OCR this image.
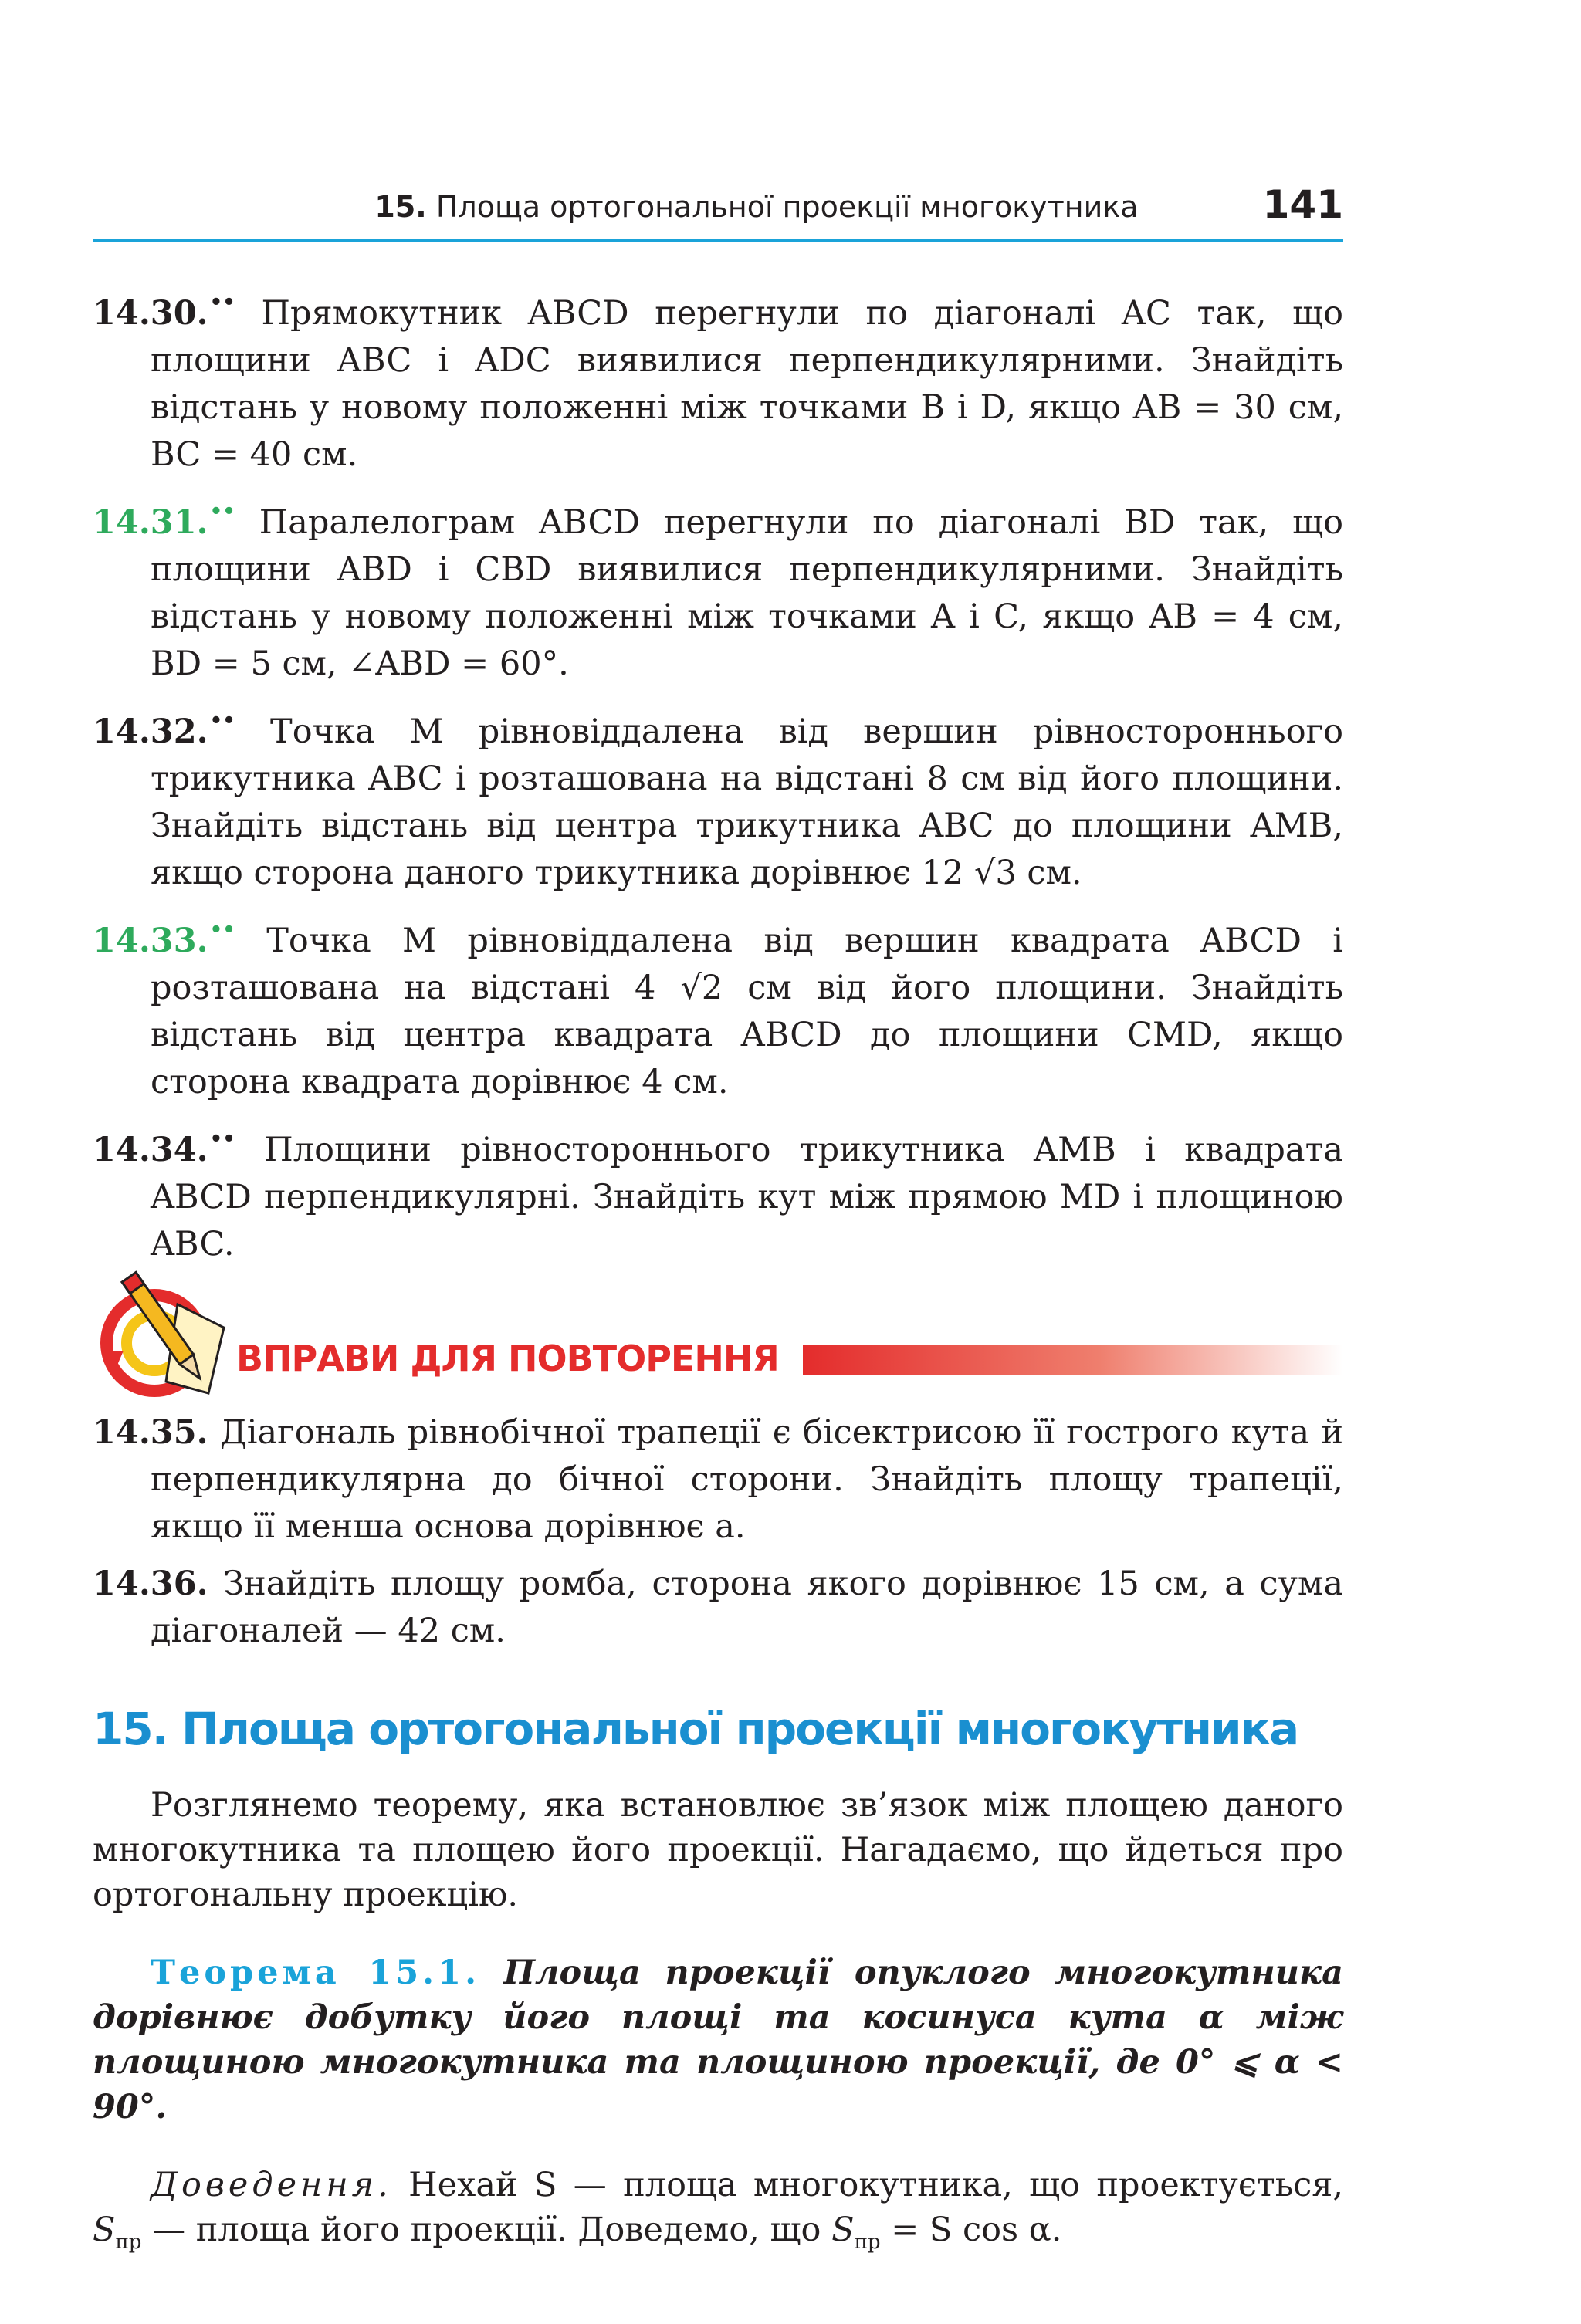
15. Площа ортогональної проекції многокутника	141
14.30.•• Прямокутник ABCD перегнули по діагоналі AC так, що площини ABC і ADC виявилися перпендикулярними. Знайдіть відстань у новому положенні між точками B і D, якщо AB = 30 см, BC = 40 см.
14.31.•• Паралелограм ABCD перегнули по діагоналі BD так, що площини ABD і CBD виявилися перпендикулярними. Знайдіть відстань у новому положенні між точками A і C, якщо AB = 4 см, BD = 5 см, ∠ABD = 60°.
14.32.•• Точка M рівновіддалена від вершин рівностороннього трикутника ABC і розташована на відстані 8 см від його площини. Знайдіть відстань від центра трикутника ABC до площини AMB, якщо сторона даного трикутника дорівнює 12 √3 см.
14.33.•• Точка M рівновіддалена від вершин квадрата ABCD і розташована на відстані 4 √2 см від його площини. Знайдіть відстань від центра квадрата ABCD до площини CMD, якщо сторона квадрата дорівнює 4 см.
14.34.•• Площини рівностороннього трикутника AMB і квадрата ABCD перпендикулярні. Знайдіть кут між прямою MD і площиною ABC.
ВПРАВИ ДЛЯ ПОВТОРЕННЯ
14.35. Діагональ рівнобічної трапеції є бісектрисою її гострого кута й перпендикулярна до бічної сторони. Знайдіть площу трапеції, якщо її менша основа дорівнює a.
14.36. Знайдіть площу ромба, сторона якого дорівнює 15 см, а сума діагоналей — 42 см.
15. Площа ортогональної проекції многокутника

Розглянемо теорему, яка встановлює зв’язок між площею даного многокутника та площею його проекції. Нагадаємо, що йдеться про ортогональну проекцію.

Теорема 15.1. Площа проекції опуклого многокутника дорівнює добутку його площі та косинуса кута α між площиною многокутника та площиною проекції, де 0° ⩽ α < 90°.

Доведення. Нехай S — площа многокутника, що проектується, $S_{пр}$ — площа його проекції. Доведемо, що $S_{пр} = S$ cos α.
